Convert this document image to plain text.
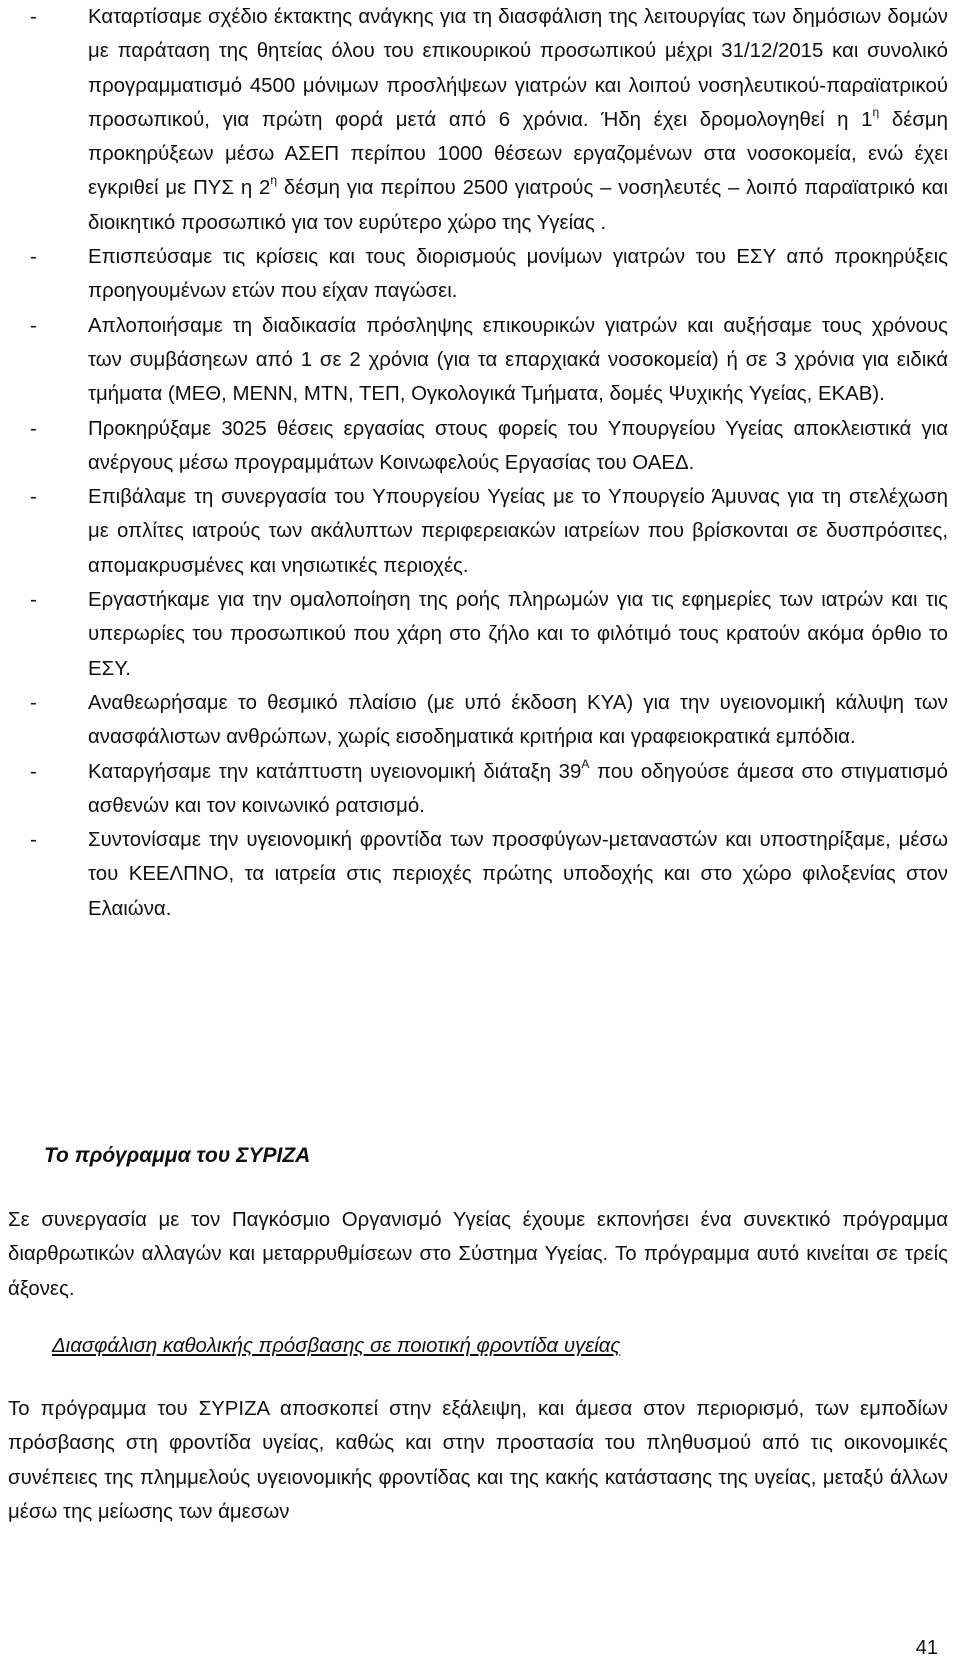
-	Καταρτίσαμε σχέδιο έκτακτης ανάγκης για τη διασφάλιση της λειτουργίας των δημόσιων δομών με παράταση της θητείας όλου του επικουρικού προσωπικού μέχρι 31/12/2015 και συνολικό προγραμματισμό 4500 μόνιμων προσλήψεων γιατρών και λοιπού νοσηλευτικού-παραϊατρικού προσωπικού, για πρώτη φορά μετά από 6 χρόνια. Ήδη έχει δρομολογηθεί η $1^\eta$ δέσμη προκηρύξεων μέσω ΑΣΕΠ περίπου 1000 θέσεων εργαζομένων στα νοσοκομεία, ενώ έχει εγκριθεί με ΠΥΣ η $2^\eta$ δέσμη για περίπου 2500 γιατρούς – νοσηλευτές – λοιπό παραϊατρικό και διοικητικό προσωπικό για τον ευρύτερο χώρο της Υγείας .

-	Επισπεύσαμε τις κρίσεις και τους διορισμούς μονίμων γιατρών του ΕΣΥ από προκηρύξεις προηγουμένων ετών που είχαν παγώσει.

-	Απλοποιήσαμε τη διαδικασία πρόσληψης επικουρικών γιατρών και αυξήσαμε τους χρόνους των συμβάσηεων από 1 σε 2 χρόνια (για τα επαρχιακά νοσοκομεία) ή σε 3 χρόνια για ειδικά τμήματα (ΜΕΘ, ΜΕΝΝ, ΜΤΝ, ΤΕΠ, Ογκολογικά Τμήματα, δομές Ψυχικής Υγείας, ΕΚΑΒ).

-	Προκηρύξαμε 3025 θέσεις εργασίας στους φορείς του Υπουργείου Υγείας αποκλειστικά για ανέργους μέσω προγραμμάτων Κοινωφελούς Εργασίας του ΟΑΕΔ.

-	Επιβάλαμε τη συνεργασία του Υπουργείου Υγείας με το Υπουργείο Άμυνας για τη στελέχωση με οπλίτες ιατρούς των ακάλυπτων περιφερειακών ιατρείων που βρίσκονται σε δυσπρόσιτες, απομακρυσμένες και νησιωτικές περιοχές.

-	Εργαστήκαμε για την ομαλοποίηση της ροής πληρωμών για τις εφημερίες των ιατρών και τις υπερωρίες του προσωπικού που χάρη στο ζήλο και το φιλότιμό τους κρατούν ακόμα όρθιο το ΕΣΥ.

-	Αναθεωρήσαμε το θεσμικό πλαίσιο (με υπό έκδοση ΚΥΑ) για την υγειονομική κάλυψη των ανασφάλιστων ανθρώπων, χωρίς εισοδηματικά κριτήρια και γραφειοκρατικά εμπόδια.

-	Καταργήσαμε την κατάπτυστη υγειονομική διάταξη $39^A$ που οδηγούσε άμεσα στο στιγματισμό ασθενών και τον κοινωνικό ρατσισμό.

-	Συντονίσαμε την υγειονομική φροντίδα των προσφύγων-μεταναστών και υποστηρίξαμε, μέσω του ΚΕΕΛΠΝΟ, τα ιατρεία στις περιοχές πρώτης υποδοχής και στο χώρο φιλοξενίας στον Ελαιώνα.

Το πρόγραμμα του ΣΥΡΙΖΑ

Σε συνεργασία με τον Παγκόσμιο Οργανισμό Υγείας έχουμε εκπονήσει ένα συνεκτικό πρόγραμμα διαρθρωτικών αλλαγών και μεταρρυθμίσεων στο Σύστημα Υγείας. Το πρόγραμμα αυτό κινείται σε τρείς άξονες.

Διασφάλιση καθολικής πρόσβασης σε ποιοτική φροντίδα υγείας

Το πρόγραμμα του ΣΥΡΙΖΑ αποσκοπεί στην εξάλειψη, και άμεσα στον περιορισμό, των εμποδίων πρόσβασης στη φροντίδα υγείας, καθώς και στην προστασία του πληθυσμού από τις οικονομικές συνέπειες της πλημμελούς υγειονομικής φροντίδας και της κακής κατάστασης της υγείας, μεταξύ άλλων μέσω της μείωσης των άμεσων

41
